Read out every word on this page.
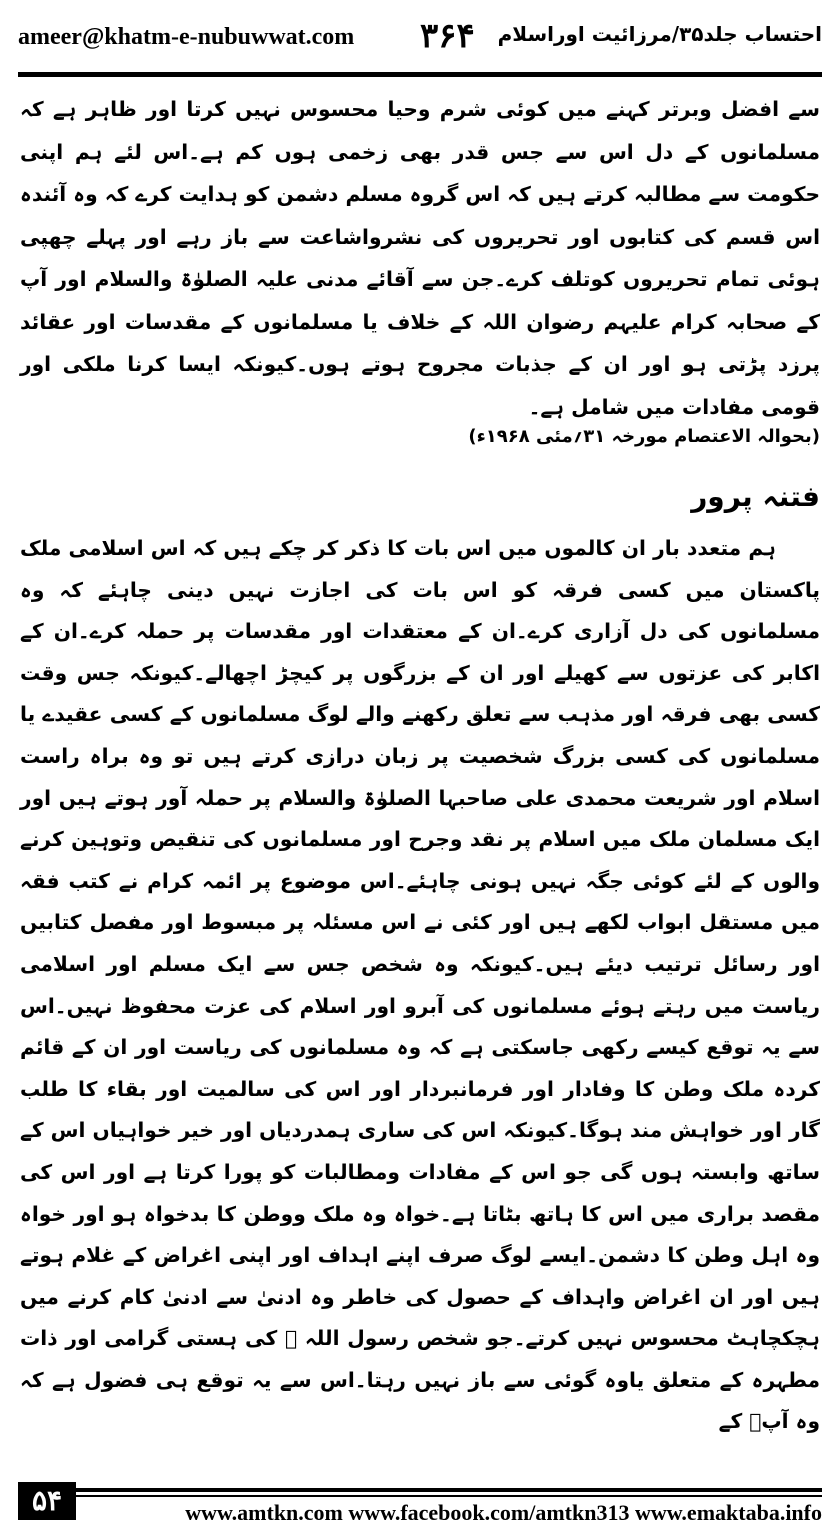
ameer@khatm-e-nubuwwat.com ۳۶۴ احتساب جلد۳۵/مرزائیت اوراسلام

سے افضل وبرتر کہنے میں کوئی شرم وحیا محسوس نہیں کرتا اور ظاہر ہے کہ مسلمانوں کے دل اس سے جس قدر بھی زخمی ہوں کم ہے۔اس لئے ہم اپنی حکومت سے مطالبہ کرتے ہیں کہ اس گروہ مسلم دشمن کو ہدایت کرے کہ وہ آئندہ اس قسم کی کتابوں اور تحریروں کی نشرواشاعت سے باز رہے اور پہلے چھپی ہوئی تمام تحریروں کوتلف کرے۔جن سے آقائے مدنی علیہ الصلوٰۃ والسلام اور آپ کے صحابہ کرام علیہم رضوان اللہ کے خلاف یا مسلمانوں کے مقدسات اور عقائد پرزد پڑتی ہو اور ان کے جذبات مجروح ہوتے ہوں۔کیونکہ ایسا کرنا ملکی اور قومی مفادات میں شامل ہے۔

(بحوالہ الاعتصام مورخہ ۳۱؍مئی ۱۹۶۸ء)
فتنہ پرور

ہم متعدد بار ان کالموں میں اس بات کا ذکر کر چکے ہیں کہ اس اسلامی ملک پاکستان میں کسی فرقہ کو اس بات کی اجازت نہیں دینی چاہئے کہ وہ مسلمانوں کی دل آزاری کرے۔ان کے معتقدات اور مقدسات پر حملہ کرے۔ان کے اکابر کی عزتوں سے کھیلے اور ان کے بزرگوں پر کیچڑ اچھالے۔کیونکہ جس وقت کسی بھی فرقہ اور مذہب سے تعلق رکھنے والے لوگ مسلمانوں کے کسی عقیدے یا مسلمانوں کی کسی بزرگ شخصیت پر زبان درازی کرتے ہیں تو وہ براہ راست اسلام اور شریعت محمدی علی صاحبہا الصلوٰۃ والسلام پر حملہ آور ہوتے ہیں اور ایک مسلمان ملک میں اسلام پر نقد وجرح اور مسلمانوں کی تنقیص وتوہین کرنے والوں کے لئے کوئی جگہ نہیں ہونی چاہئے۔اس موضوع پر ائمہ کرام نے کتب فقہ میں مستقل ابواب لکھے ہیں اور کئی نے اس مسئلہ پر مبسوط اور مفصل کتابیں اور رسائل ترتیب دیئے ہیں۔کیونکہ وہ شخص جس سے ایک مسلم اور اسلامی ریاست میں رہتے ہوئے مسلمانوں کی آبرو اور اسلام کی عزت محفوظ نہیں۔اس سے یہ توقع کیسے رکھی جاسکتی ہے کہ وہ مسلمانوں کی ریاست اور ان کے قائم کردہ ملک وطن کا وفادار اور فرمانبردار اور اس کی سالمیت اور بقاء کا طلب گار اور خواہش مند ہوگا۔کیونکہ اس کی ساری ہمدردیاں اور خیر خواہیاں اس کے ساتھ وابستہ ہوں گی جو اس کے مفادات ومطالبات کو پورا کرتا ہے اور اس کی مقصد براری میں اس کا ہاتھ بٹاتا ہے۔خواہ وہ ملک ووطن کا بدخواہ ہو اور خواہ وہ اہل وطن کا دشمن۔ایسے لوگ صرف اپنے اہداف اور اپنی اغراض کے غلام ہوتے ہیں اور ان اغراض واہداف کے حصول کی خاطر وہ ادنیٰ سے ادنیٰ کام کرنے میں ہچکچاہٹ محسوس نہیں کرتے۔جو شخص رسول اللہ ﷺ کی ہستی گرامی اور ذات مطہرہ کے متعلق یاوہ گوئی سے باز نہیں رہتا۔اس سے یہ توقع ہی فضول ہے کہ وہ آپؐ کے

۵۴	www.amtkn.com www.facebook.com/amtkn313 www.emaktaba.info
